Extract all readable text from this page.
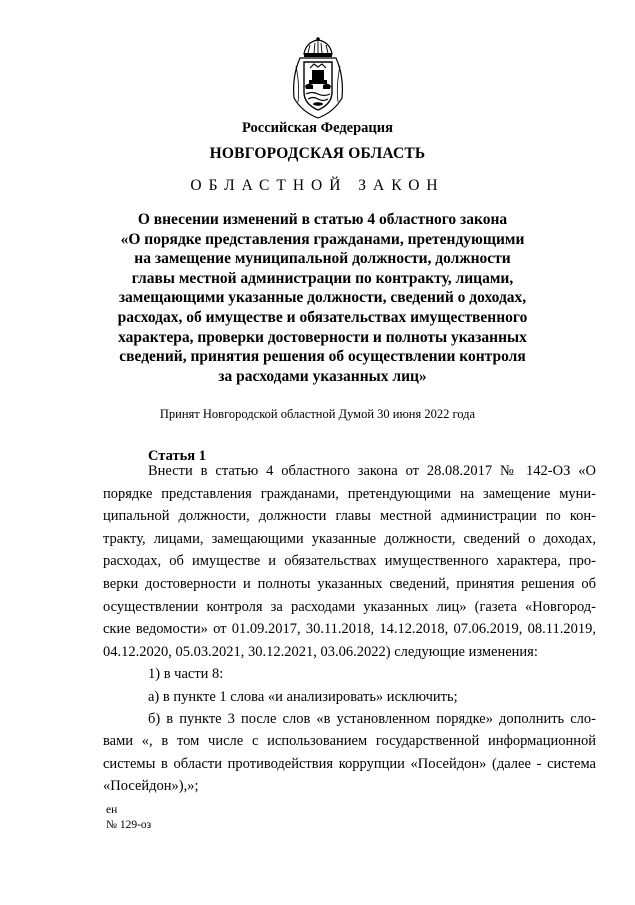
Российская Федерация
НОВГОРОДСКАЯ ОБЛАСТЬ
ОБЛАСТНОЙ ЗАКОН
О внесении изменений в статью 4 областного закона
«О порядке представления гражданами, претендующими
на замещение муниципальной должности, должности
главы местной администрации по контракту, лицами,
замещающими указанные должности, сведений о доходах,
расходах, об имуществе и обязательствах имущественного
характера, проверки достоверности и полноты указанных
сведений, принятия решения об осуществлении контроля
за расходами указанных лиц»
Принят Новгородской областной Думой 30 июня 2022 года
Статья 1

Внести в статью 4 областного закона от 28.08.2017 № 142-ОЗ «О

порядке представления гражданами, претендующими на замещение муни-

ципальной должности, должности главы местной администрации по кон-

тракту, лицами, замещающими указанные должности, сведений о доходах,

расходах, об имуществе и обязательствах имущественного характера, про-

верки достоверности и полноты указанных сведений, принятия решения об

осуществлении контроля за расходами указанных лиц» (газета «Новгород-

ские ведомости» от 01.09.2017, 30.11.2018, 14.12.2018, 07.06.2019, 08.11.2019,

04.12.2020, 05.03.2021, 30.12.2021, 03.06.2022) следующие изменения:

1) в части 8:

а) в пункте 1 слова «и анализировать» исключить;

б) в пункте 3 после слов «в установленном порядке» дополнить сло-

вами «, в том числе с использованием государственной информационной

системы в области противодействия коррупции «Посейдон» (далее - система

«Посейдон»),»;

ен
№ 129-оз
